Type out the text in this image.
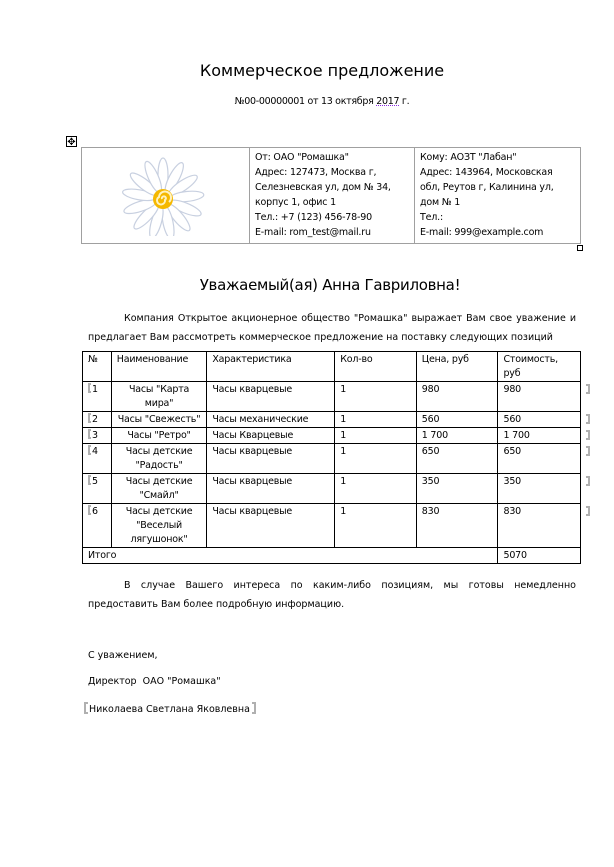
Коммерческое предложение
№00-00000001 от 13 октября 2017 г.
✥

От: ОАО "Ромашка"
Адрес: 127473, Москва г,
Селезневская ул, дом № 34,
корпус 1, офис 1
Тел.: +7 (123) 456-78-90
E-mail: rom_test@mail.ru

Кому: АОЗТ "Лабан"
Адрес: 143964, Московская
обл, Реутов г, Калинина ул,
дом № 1
Тел.:
E-mail: 999@example.com
Уважаемый(ая) Анна Гавриловна!
Компания Открытое акционерное общество "Ромашка" выражает Вам свое уважение и предлагает Вам рассмотреть коммерческое предложение на поставку следующих позиций
№	Наименование	Характеристика	Кол-во	Цена, руб	Стоимость, руб
1	Часы "Карта мира"	Часы кварцевые	1	980	980

2	Часы "Свежесть"	Часы механические	1	560	560

3	Часы "Ретро"	Часы Кварцевые	1	1 700	1 700

4	Часы детские "Радость"	Часы кварцевые	1	650	650

5	Часы детские "Смайл"	Часы кварцевые	1	350	350

6	Часы детские "Веселый лягушонок"	Часы кварцевые	1	830	830

Итого					5070
В случае Вашего интереса по каким-либо позициям, мы готовы немедленно предоставить Вам более подробную информацию.
С уважением,
Директор  ОАО "Ромашка"
Николаева Светлана Яковлевна
